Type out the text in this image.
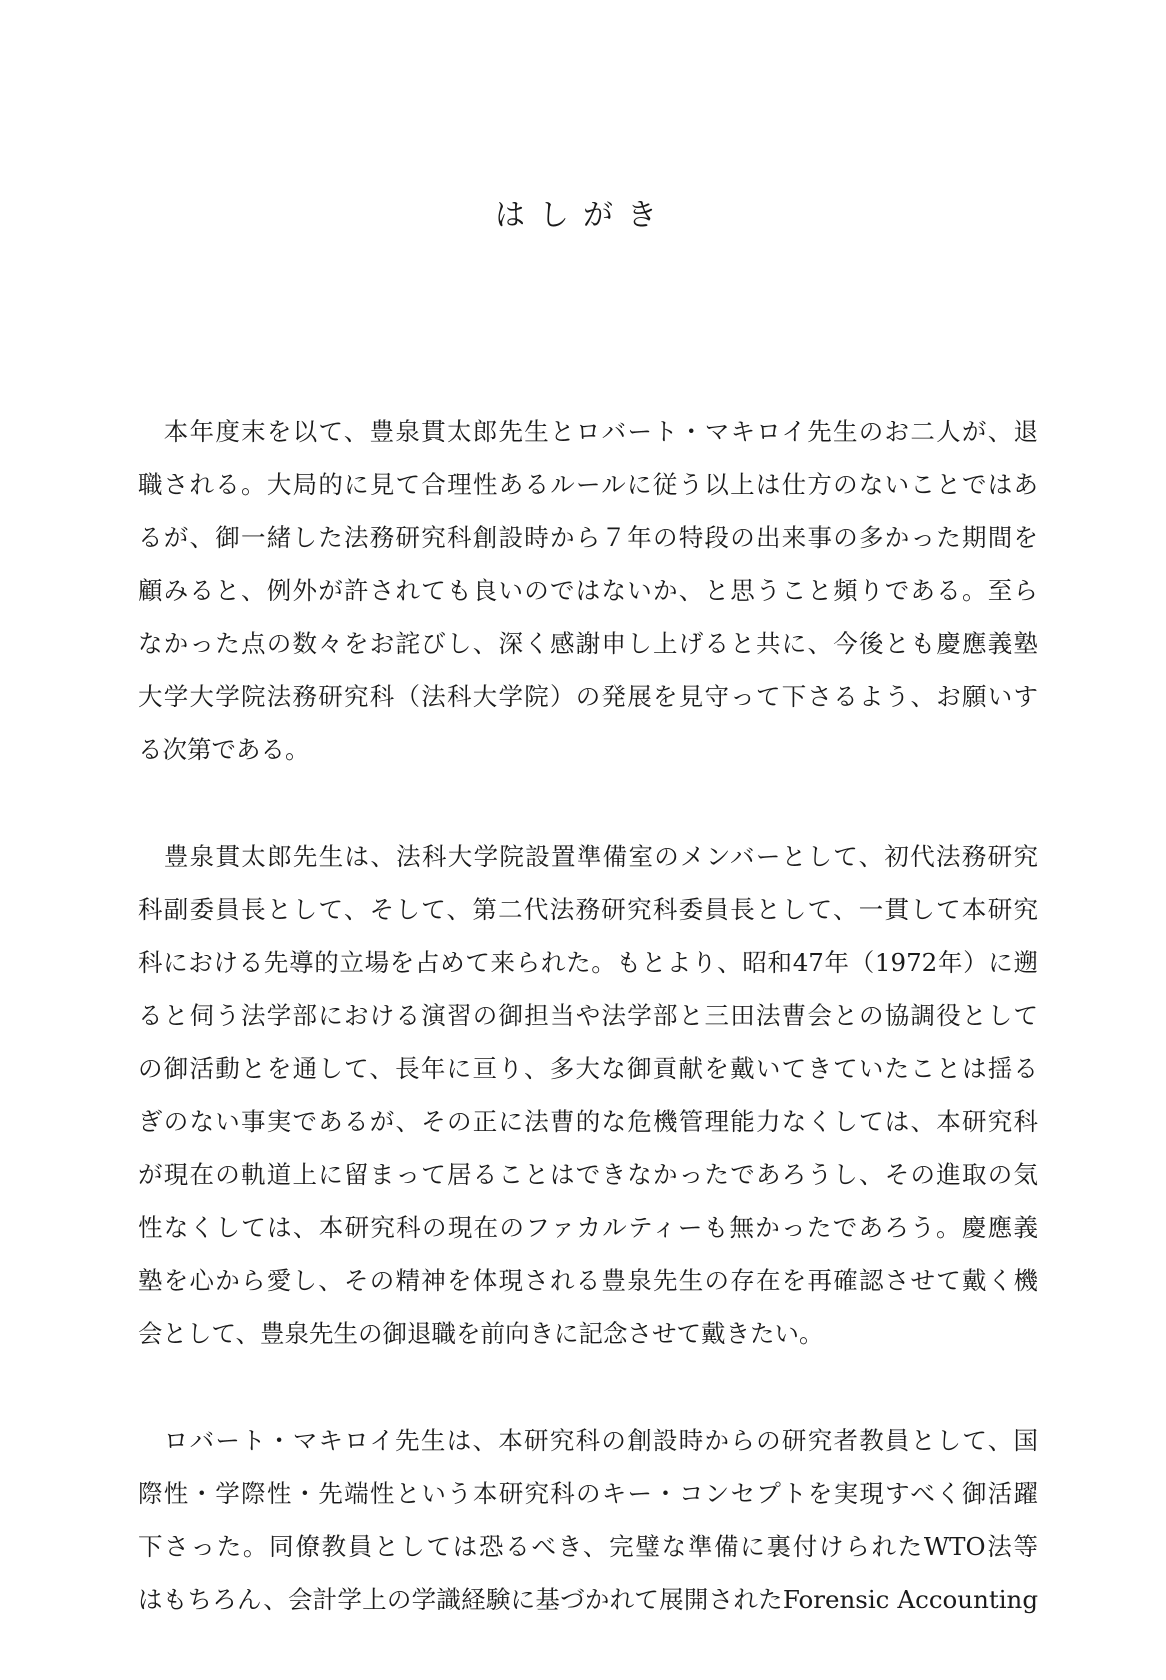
はしがき
　本年度末を以て、豊泉貫太郎先生とロバート・マキロイ先生のお二人が、退
職される。大局的に見て合理性あるルールに従う以上は仕方のないことではあ
るが、御一緒した法務研究科創設時から７年の特段の出来事の多かった期間を
顧みると、例外が許されても良いのではないか、と思うこと頻りである。至ら
なかった点の数々をお詫びし、深く感謝申し上げると共に、今後とも慶應義塾
大学大学院法務研究科（法科大学院）の発展を見守って下さるよう、お願いす
る次第である。
　豊泉貫太郎先生は、法科大学院設置準備室のメンバーとして、初代法務研究
科副委員長として、そして、第二代法務研究科委員長として、一貫して本研究
科における先導的立場を占めて来られた。もとより、昭和47年（1972年）に遡
ると伺う法学部における演習の御担当や法学部と三田法曹会との協調役として
の御活動とを通して、長年に亘り、多大な御貢献を戴いてきていたことは揺る
ぎのない事実であるが、その正に法曹的な危機管理能力なくしては、本研究科
が現在の軌道上に留まって居ることはできなかったであろうし、その進取の気
性なくしては、本研究科の現在のファカルティーも無かったであろう。慶應義
塾を心から愛し、その精神を体現される豊泉先生の存在を再確認させて戴く機
会として、豊泉先生の御退職を前向きに記念させて戴きたい。
　ロバート・マキロイ先生は、本研究科の創設時からの研究者教員として、国
際性・学際性・先端性という本研究科のキー・コンセプトを実現すべく御活躍
下さった。同僚教員としては恐るべき、完璧な準備に裏付けられたWTO法等
はもちろん、会計学上の学識経験に基づかれて展開されたForensic Accounting
